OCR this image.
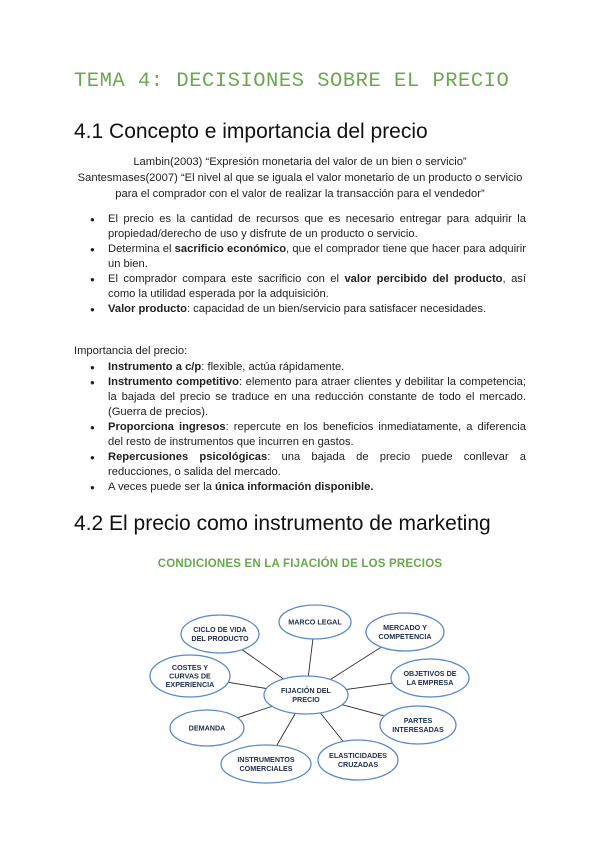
TEMA 4: DECISIONES SOBRE EL PRECIO
4.1 Concepto e importancia del precio
Lambin(2003) “Expresión monetaria del valor de un bien o servicio”
Santesmases(2007) “El nivel al que se iguala el valor monetario de un producto o servicio
para el comprador con el valor de realizar la transacción para el vendedor”
● El precio es la cantidad de recursos que es necesario entregar para adquirir la propiedad/derecho de uso y disfrute de un producto o servicio.
● Determina el sacrificio económico, que el comprador tiene que hacer para adquirir un bien.
● El comprador compara este sacrificio con el valor percibido del producto, así como la utilidad esperada por la adquisición.
● Valor producto: capacidad de un bien/servicio para satisfacer necesidades.
Importancia del precio:
● Instrumento a c/p: flexible, actúa rápidamente.
● Instrumento competitivo: elemento para atraer clientes y debilitar la competencia; la bajada del precio se traduce en una reducción constante de todo el mercado. (Guerra de precios).
● Proporciona ingresos: repercute en los beneficios inmediatamente, a diferencia del resto de instrumentos que incurren en gastos.
● Repercusiones psicológicas: una bajada de precio puede conllevar a reducciones, o salida del mercado.
● A veces puede ser la única información disponible.
4.2 El precio como instrumento de marketing
CONDICIONES EN LA FIJACIÓN DE LOS PRECIOS
CICLO DE VIDA DEL PRODUCTO
MARCO LEGAL
MERCADO Y COMPETENCIA
COSTES Y CURVAS DE EXPERIENCIA
OBJETIVOS DE LA EMPRESA
DEMANDA
PARTES INTERESADAS
INSTRUMENTOS COMERCIALES
ELASTICIDADES CRUZADAS
FIJACIÓN DEL PRECIO
